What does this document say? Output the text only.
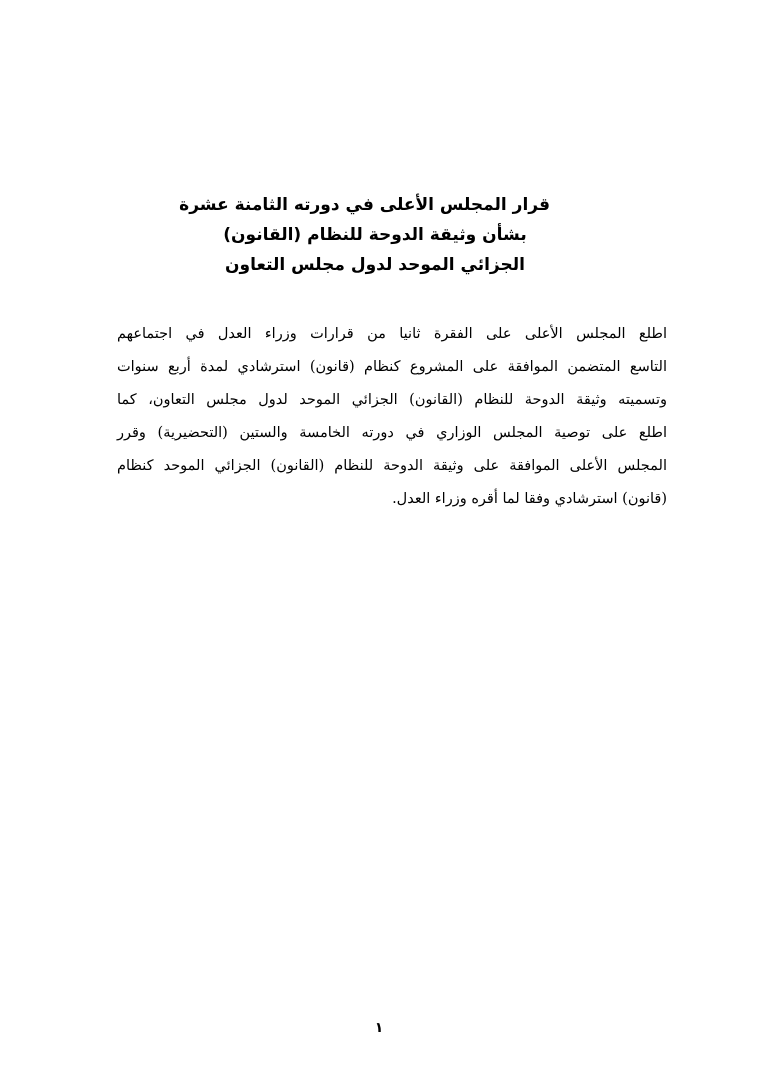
قرار المجلس الأعلى في دورته الثامنة عشرة
بشأن وثيقة الدوحة للنظام (القانون)
الجزائي الموحد لدول مجلس التعاون
اطلع المجلس الأعلى على الفقرة ثانيا من قرارات وزراء العدل في اجتماعهم
التاسع المتضمن الموافقة على المشروع كنظام (قانون) استرشادي لمدة أربع سنوات
وتسميته وثيقة الدوحة للنظام (القانون) الجزائي الموحد لدول مجلس التعاون، كما
اطلع على توصية المجلس الوزاري في دورته الخامسة والستين (التحضيرية) وقرر
المجلس الأعلى الموافقة على وثيقة الدوحة للنظام (القانون) الجزائي الموحد كنظام
(قانون) استرشادي وفقا لما أقره وزراء العدل.
١
